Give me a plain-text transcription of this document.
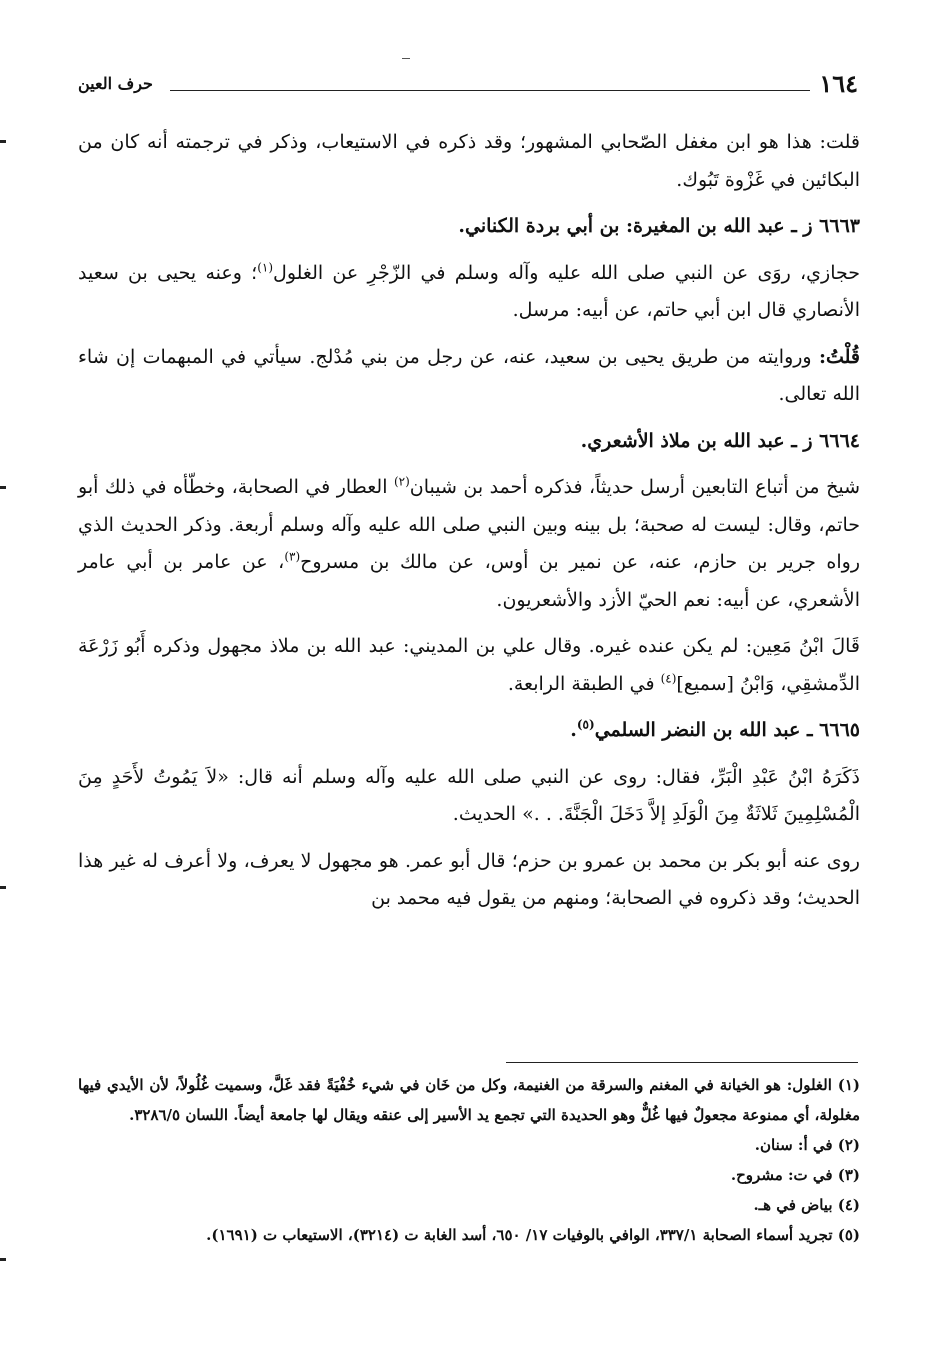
١٦٤
حرف العين

قلت: هذا هو ابن مغفل الصّحابي المشهور؛ وقد ذكره في الاستيعاب، وذكر في ترجمته أنه كان من البكائين في غَزْوة تَبُوك.

٦٦٦٣ ز ـ عبد الله بن المغيرة: بن أبي بردة الكناني.

حجازي، روَى عن النبي صلى الله عليه وآله وسلم في الزّجْرِ عن الغلول$^{(١)}$؛ وعنه يحيى بن سعيد الأنصاري قال ابن أبي حاتم، عن أبيه: مرسل.

قُلْتُ: وروايته من طريق يحيى بن سعيد، عنه، عن رجل من بني مُدْلج. سيأتي في المبهمات إن شاء الله تعالى.

٦٦٦٤ ز ـ عبد الله بن ملاذ الأشعري.

شيخ من أتباع التابعين أرسل حديثاً، فذكره أحمد بن شيبان$^{(٢)}$ العطار في الصحابة، وخطّأه في ذلك أبو حاتم، وقال: ليست له صحبة؛ بل بينه وبين النبي صلى الله عليه وآله وسلم أربعة. وذكر الحديث الذي رواه جرير بن حازم، عنه، عن نمير بن أوس، عن مالك بن مسروح$^{(٣)}$، عن عامر بن أبي عامر الأشعري، عن أبيه: نعم الحيّ الأزد والأشعريون.

قَالَ ابْنُ مَعِين: لم يكن عنده غيره. وقال علي بن المديني: عبد الله بن ملاذ مجهول وذكره أَبُو زَرْعَة الدِّمشقِي، وَابْنُ [سميع]$^{(٤)}$ في الطبقة الرابعة.

٦٦٦٥ ـ عبد الله بن النضر السلمي$^{(٥)}$.

ذَكَرَهُ ابْنُ عَبْدِ الْبَرِّ، فقال: روى عن النبي صلى الله عليه وآله وسلم أنه قال: «لاَ يَمُوتُ لأَحَدٍ مِنَ الْمُسْلِمِينَ ثَلاثَةٌ مِنَ الْوَلَدِ إلاَّ دَخَلَ الْجَنَّةَ. . .» الحديث.

روى عنه أبو بكر بن محمد بن عمرو بن حزم؛ قال أبو عمر. هو مجهول لا يعرف، ولا أعرف له غير هذا الحديث؛ وقد ذكروه في الصحابة؛ ومنهم من يقول فيه محمد بن

(١) الغلول: هو الخيانة في المغنم والسرقة من الغنيمة، وكل من خَان في شيء خُفْيَةً فقد غَلَّ، وسميت غُلُولاً، لأن الأيدي فيها مغلولة، أي ممنوعة مجعولٌ فيها غُلٌّ وهو الحديدة التي تجمع يد الأسير إلى عنقه ويقال لها جامعة أيضاً. اللسان ٣٢٨٦/٥.

(٢) في أ: سنان.

(٣) في ت: مشروح.

(٤) بياض في هـ.

(٥) تجريد أسماء الصحابة ٣٣٧/١، الوافي بالوفيات ١٧/ ٦٥٠، أسد الغابة ت (٣٢١٤)، الاستيعاب ت (١٦٩١).
